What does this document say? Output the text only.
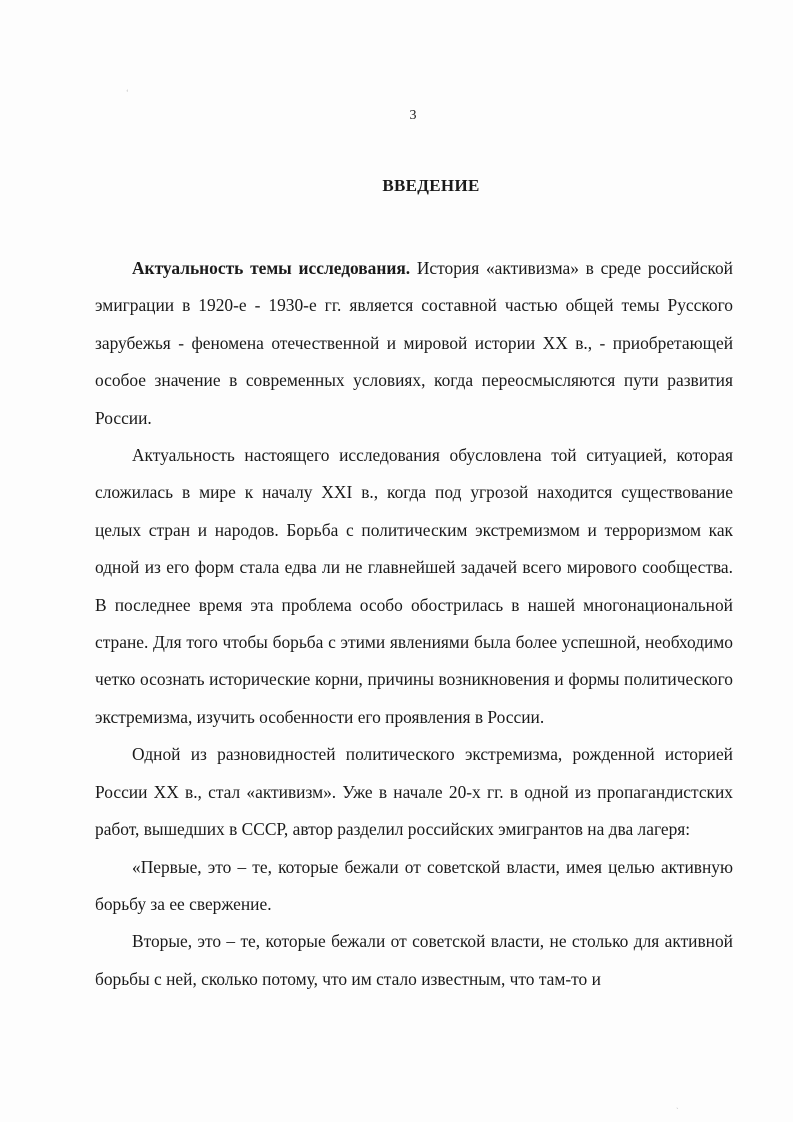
‘
3
ВВЕДЕНИЕ

Актуальность темы исследования. История «активизма» в среде российской эмиграции в 1920-е - 1930-е гг. является составной частью общей темы Русского зарубежья - феномена отечественной и мировой истории XX в., - приобретающей особое значение в современных условиях, когда переосмысляются пути развития России.

Актуальность настоящего исследования обусловлена той ситуацией, которая сложилась в мире к началу XXI в., когда под угрозой находится существование целых стран и народов. Борьба с политическим экстремизмом и терроризмом как одной из его форм стала едва ли не главнейшей задачей всего мирового сообщества. В последнее время эта проблема особо обострилась в нашей многонациональной стране. Для того чтобы борьба с этими явлениями была более успешной, необходимо четко осознать исторические корни, причины возникновения и формы политического экстремизма, изучить особенности его проявления в России.

Одной из разновидностей политического экстремизма, рожденной историей России XX в., стал «активизм». Уже в начале 20-х гг. в одной из пропагандистских работ, вышедших в СССР, автор разделил российских эмигрантов на два лагеря:

«Первые, это – те, которые бежали от советской власти, имея целью активную борьбу за ее свержение.

Вторые, это – те, которые бежали от советской власти, не столько для активной борьбы с ней, сколько потому, что им стало известным, что там-то и

ˏ
